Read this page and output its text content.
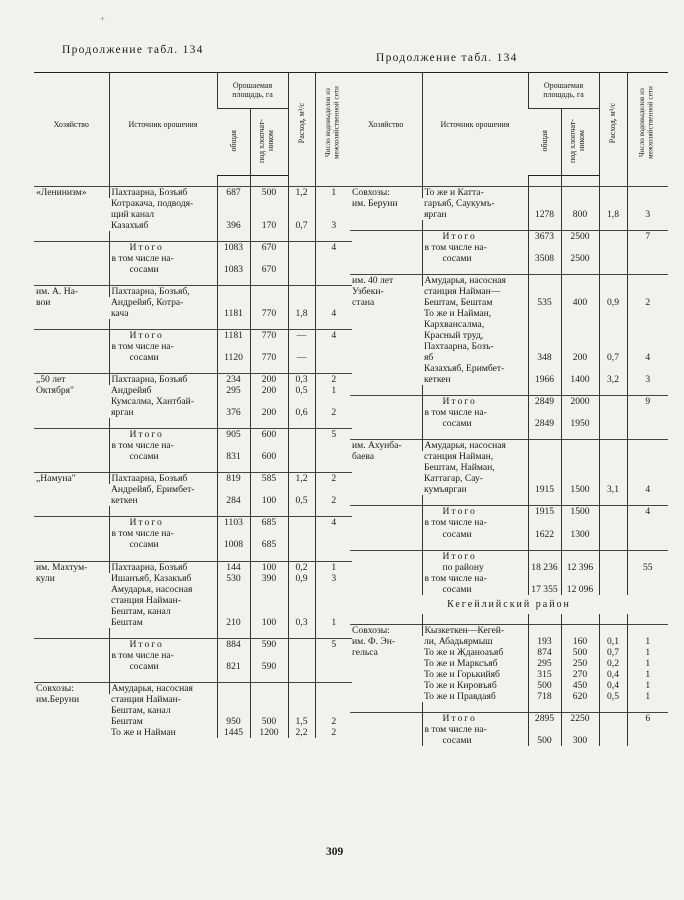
+
Продолжение табл. 134
Хозяйство	Источник орошения	Орошаемая площадь, га		Расход, м³/с	Число водовыделов из межхозяйственной сети
		общая	под хлопчат-ником		

«Ленинизм»	Пахтаарна, Бозъяб	687	500	1,2	1
	Котракача, подводя-				
	щий канал				
	Казахъяб	396	170	0,7	3

	Итого	1083	670		4

	в том числе на-				

	сосами	1083	670		

им. А. На-
вои	Пахтаарна, Бозъяб,				
	Андрейяб, Котра-				
	кача	1181	770	1,8	4

	Итого	1181	770	—	4

	в том числе на-				

	сосами	1120	770	—	

„50 лет
Октября"	Пахтаарна, Бозъяб	234	200	0,3	2
	Андрейяб	295	200	0,5	1
	Кумсалма, Хантбай-				
	ярган	376	200	0,6	2

	Итого	905	600		5

	в том числе на-				

	сосами	831	600		

„Намуна"	Пахтаарна, Бозъяб	819	585	1,2	2
	Андрейяб, Еримбет-				
	кеткен	284	100	0,5	2

	Итого	1103	685		4

	в том числе на-				

	сосами	1008	685		

им. Махтум-
кули	Пахтаарна, Бозъяб	144	100	0,2	1
	Ишанъяб, Казакъяб	530	390	0,9	3
	Амударья, насосная				
	станция Найман-				
	Бештам, канал				
	Бештам	210	100	0,3	1

	Итого	884	590		5

	в том числе на-				

	сосами	821	590		

Совхозы:
им.Беруни	Амударья, насосная				
	станция Найман-				
	Бештам, канал				
	Бештам	950	500	1,5	2
	То же и Найман	1445	1200	2,2	2
Продолжение табл. 134
Хозяйство	Источник орошения	Орошаемая площадь, га		Расход, м³/с	Число водовыделов из межхозяйственной сети
		общая	под хлопчат-ником		

Совхозы:
им. Беруни	То же и Катта-				
	гаръяб, Саукумъ-				
	ярган	1278	800	1,8	3

	Итого	3673	2500		7

	в том числе на-				

	сосами	3508	2500		

им. 40 лет
Узбеки-
стана	Амударья, насосная				
	станция Найман—				
	Бештам, Бештам	535	400	0,9	2
	То же и Найман,				
	Кархвансалма,				
	Красный труд,				
	Пахтаарна, Бозъ-				
	яб	348	200	0,7	4
	Казахъяб, Еримбет-				
	кеткен	1966	1400	3,2	3

	Итого	2849	2000		9

	в том числе на-				

	сосами	2849	1950		

им. Ахунба-
баева	Амударья, насосная				
	станция Найман,				
	Бештам, Найман,				
	Каттагар, Сау-				
	кумъярган	1915	1500	3,1	4

	Итого	1915	1500		4

	в том числе на-				

	сосами	1622	1300		

	Итого				

	по району	18 236	12 396		55

	в том числе на-				

	сосами	17 355	12 096		
Кегейлийский район					

Совхозы:
им. Ф. Эн-
гельса	Кызкеткен—Кегей-				
	ли, Абадьярмыш	193	160	0,1	1
	То же и Жданоаъяб	874	500	0,7	1
	То же и Марксъяб	295	250	0,2	1
	То же и Горькийяб	315	270	0,4	1
	То же и Кировъяб	500	450	0,4	1
	То же и Правдаяб	718	620	0,5	1

	Итого	2895	2250		6

	в том числе на-				

	сосами	500	300		
309
